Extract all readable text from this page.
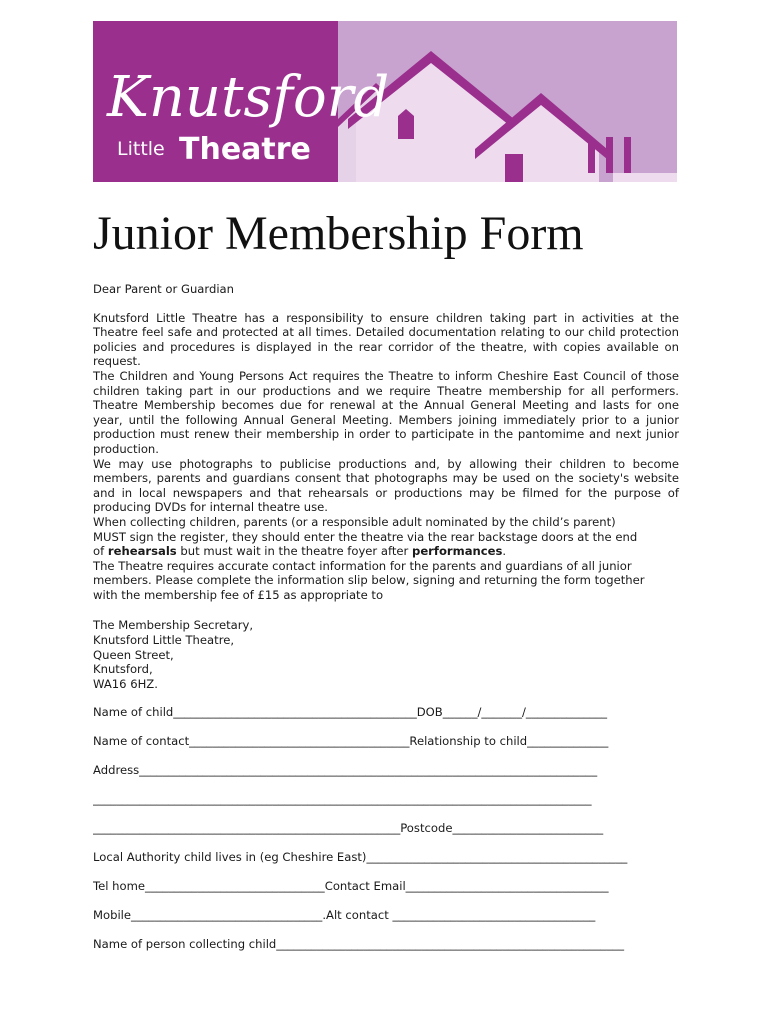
Knutsford
Little Theatre
Junior Membership Form

Dear Parent or Guardian

Knutsford Little Theatre has a responsibility to ensure children taking part in activities at the Theatre feel safe and protected at all times. Detailed documentation relating to our child protection policies and procedures is displayed in the rear corridor of the theatre, with copies available on request.

The Children and Young Persons Act requires the Theatre to inform Cheshire East Council of those children taking part in our productions and we require Theatre membership for all performers. Theatre Membership becomes due for renewal at the Annual General Meeting and lasts for one year, until the following Annual General Meeting. Members joining immediately prior to a junior production must renew their membership in order to participate in the pantomime and next junior production.

We may use photographs to publicise productions and, by allowing their children to become members, parents and guardians consent that photographs may be used on the society's website and in local newspapers and that rehearsals or productions may be filmed for the purpose of producing DVDs for internal theatre use.

When collecting children, parents (or a responsible adult nominated by the child’s parent)
MUST sign the register, they should enter the theatre via the rear backstage doors at the end
of rehearsals but must wait in the theatre foyer after performances.

The Theatre requires accurate contact information for the parents and guardians of all junior
members. Please complete the information slip below, signing and returning the form together
with the membership fee of £15 as appropriate to

The Membership Secretary,
Knutsford Little Theatre,
Queen Street,
Knutsford,
WA16 6HZ.

Name of child__________________________________________DOB______/_______/______________
Name of contact______________________________________Relationship to child______________
Address_______________________________________________________________________________
______________________________________________________________________________________
_____________________________________________________Postcode__________________________
Local Authority child lives in (eg Cheshire East)_____________________________________________
Tel home_______________________________Contact Email___________________________________
Mobile_________________________________.Alt contact ___________________________________
Name of person collecting child____________________________________________________________
